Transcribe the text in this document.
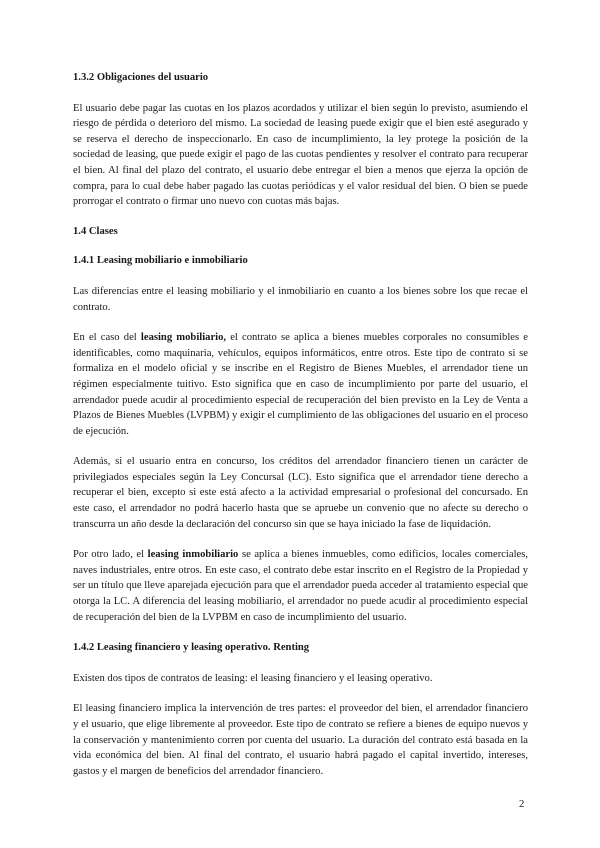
1.3.2 Obligaciones del usuario

El usuario debe pagar las cuotas en los plazos acordados y utilizar el bien según lo previsto, asumiendo el riesgo de pérdida o deterioro del mismo. La sociedad de leasing puede exigir que el bien esté asegurado y se reserva el derecho de inspeccionarlo. En caso de incumplimiento, la ley protege la posición de la sociedad de leasing, que puede exigir el pago de las cuotas pendientes y resolver el contrato para recuperar el bien. Al final del plazo del contrato, el usuario debe entregar el bien a menos que ejerza la opción de compra, para lo cual debe haber pagado las cuotas periódicas y el valor residual del bien. O bien se puede prorrogar el contrato o firmar uno nuevo con cuotas más bajas.

1.4 Clases
1.4.1 Leasing mobiliario e inmobiliario

Las diferencias entre el leasing mobiliario y el inmobiliario en cuanto a los bienes sobre los que recae el contrato.

En el caso del leasing mobiliario, el contrato se aplica a bienes muebles corporales no consumibles e identificables, como maquinaria, vehículos, equipos informáticos, entre otros. Este tipo de contrato si se formaliza en el modelo oficial y se inscribe en el Registro de Bienes Muebles, el arrendador tiene un régimen especialmente tuitivo. Esto significa que en caso de incumplimiento por parte del usuario, el arrendador puede acudir al procedimiento especial de recuperación del bien previsto en la Ley de Venta a Plazos de Bienes Muebles (LVPBM) y exigir el cumplimiento de las obligaciones del usuario en el proceso de ejecución.

Además, si el usuario entra en concurso, los créditos del arrendador financiero tienen un carácter de privilegiados especiales según la Ley Concursal (LC). Esto significa que el arrendador tiene derecho a recuperar el bien, excepto si este está afecto a la actividad empresarial o profesional del concursado. En este caso, el arrendador no podrá hacerlo hasta que se apruebe un convenio que no afecte su derecho o transcurra un año desde la declaración del concurso sin que se haya iniciado la fase de liquidación.

Por otro lado, el leasing inmobiliario se aplica a bienes inmuebles, como edificios, locales comerciales, naves industriales, entre otros. En este caso, el contrato debe estar inscrito en el Registro de la Propiedad y ser un título que lleve aparejada ejecución para que el arrendador pueda acceder al tratamiento especial que otorga la LC. A diferencia del leasing mobiliario, el arrendador no puede acudir al procedimiento especial de recuperación del bien de la LVPBM en caso de incumplimiento del usuario.

1.4.2 Leasing financiero y leasing operativo. Renting

Existen dos tipos de contratos de leasing: el leasing financiero y el leasing operativo.

El leasing financiero implica la intervención de tres partes: el proveedor del bien, el arrendador financiero y el usuario, que elige libremente al proveedor. Este tipo de contrato se refiere a bienes de equipo nuevos y la conservación y mantenimiento corren por cuenta del usuario. La duración del contrato está basada en la vida económica del bien. Al final del contrato, el usuario habrá pagado el capital invertido, intereses, gastos y el margen de beneficios del arrendador financiero.

2
